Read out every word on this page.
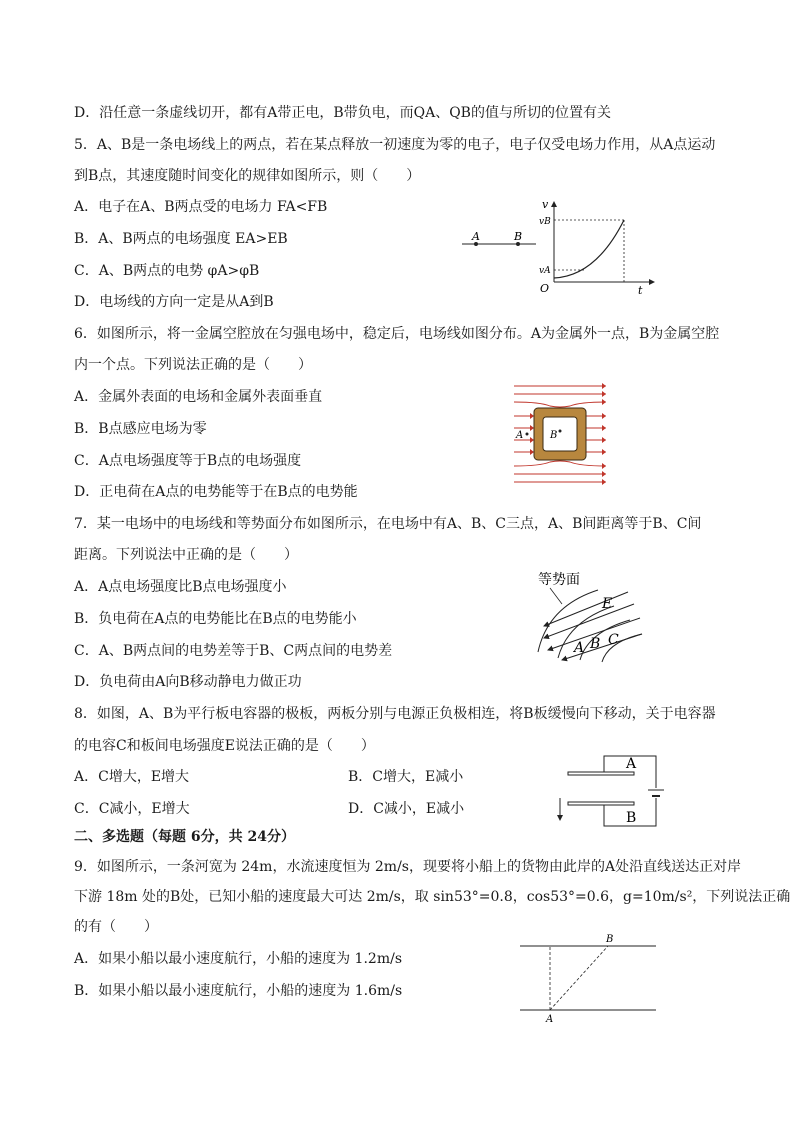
D．沿任意一条虚线切开，都有A带正电，B带负电，而QA、QB的值与所切的位置有关
5．A、B是一条电场线上的两点，若在某点释放一初速度为零的电子，电子仅受电场力作用，从A点运动
到B点，其速度随时间变化的规律如图所示，则（　　）
A．电子在A、B两点受的电场力 FA<FB
B．A、B两点的电场强度 EA>EB
C．A、B两点的电势 φA>φB
D．电场线的方向一定是从A到B
6．如图所示，将一金属空腔放在匀强电场中，稳定后，电场线如图分布。A为金属外一点，B为金属空腔
内一个点。下列说法正确的是（　　）
A．金属外表面的电场和金属外表面垂直
B．B点感应电场为零
C．A点电场强度等于B点的电场强度
D．正电荷在A点的电势能等于在B点的电势能
7．某一电场中的电场线和等势面分布如图所示，在电场中有A、B、C三点，A、B间距离等于B、C间
距离。下列说法中正确的是（　　）
A．A点电场强度比B点电场强度小
B．负电荷在A点的电势能比在B点的电势能小
C．A、B两点间的电势差等于B、C两点间的电势差
D．负电荷由A向B移动静电力做正功
8．如图，A、B为平行板电容器的极板，两板分别与电源正负极相连，将B板缓慢向下移动，关于电容器
的电容C和板间电场强度E说法正确的是（　　）
A．C增大，E增大	B．C增大，E减小
C．C减小，E增大	D．C减小，E减小
二、多选题（每题 6分，共 24分）
9．如图所示，一条河宽为 24m，水流速度恒为 2m/s，现要将小船上的货物由此岸的A处沿直线送达正对岸
下游 18m 处的B处，已知小船的速度最大可达 2m/s，取 sin53°=0.8，cos53°=0.6，g=10m/s²，下列说法正确
的有（　　）
A．如果小船以最小速度航行，小船的速度为 1.2m/s
B．如果小船以最小速度航行，小船的速度为 1.6m/s
A	B
v
t
O
vB
vA
A	B
等势面
E
A B C
A
B
A
B
